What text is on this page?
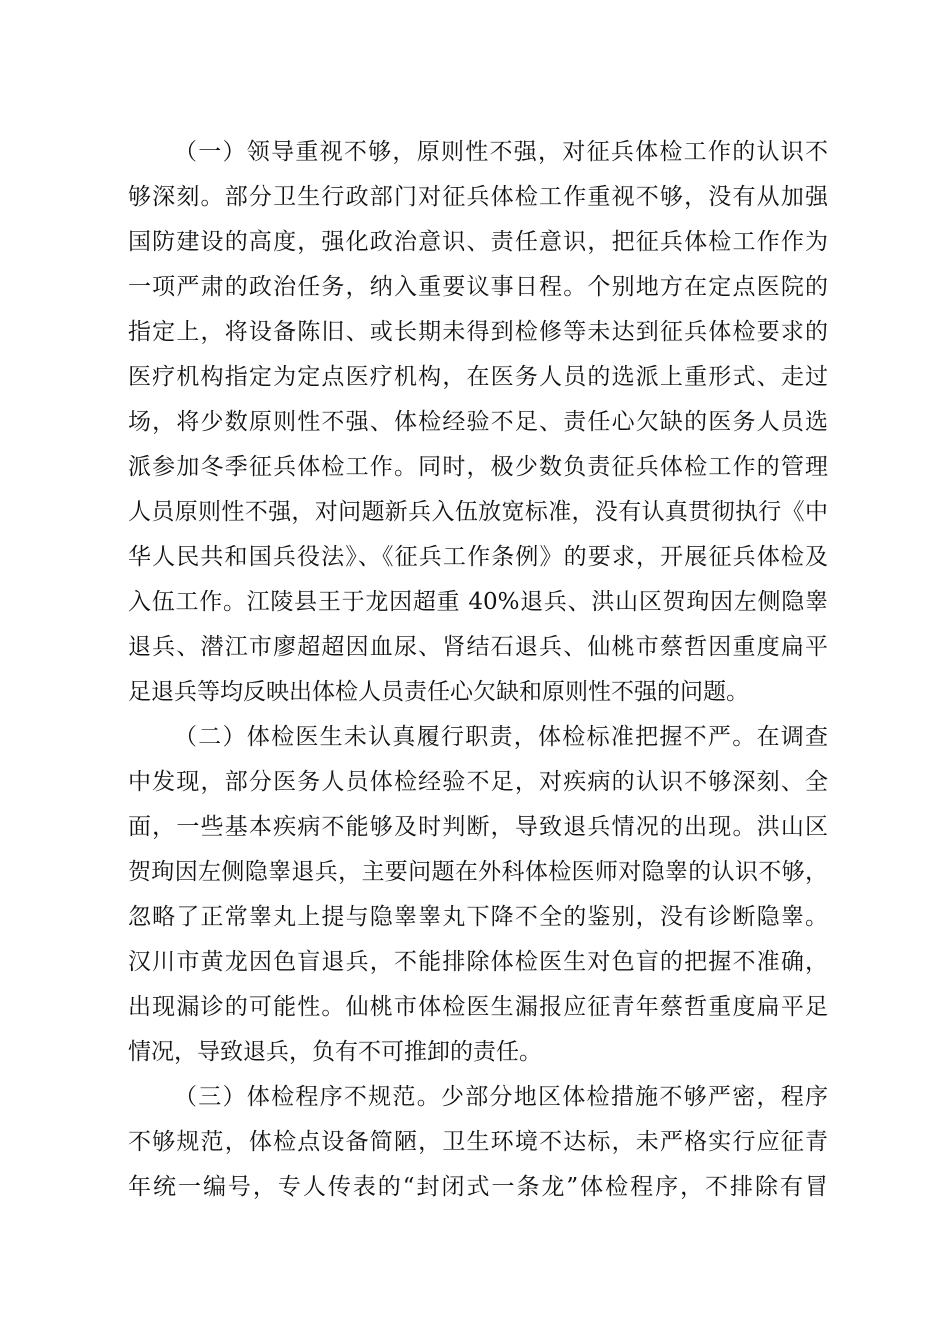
（一）领导重视不够，原则性不强，对征兵体检工作的认识不
够深刻。部分卫生行政部门对征兵体检工作重视不够，没有从加强
国防建设的高度，强化政治意识、责任意识，把征兵体检工作作为
一项严肃的政治任务，纳入重要议事日程。个别地方在定点医院的
指定上，将设备陈旧、或长期未得到检修等未达到征兵体检要求的
医疗机构指定为定点医疗机构，在医务人员的选派上重形式、走过
场，将少数原则性不强、体检经验不足、责任心欠缺的医务人员选
派参加冬季征兵体检工作。同时，极少数负责征兵体检工作的管理
人员原则性不强，对问题新兵入伍放宽标准，没有认真贯彻执行《中
华人民共和国兵役法》、《征兵工作条例》的要求，开展征兵体检及
入伍工作。江陵县王于龙因超重 40%退兵、洪山区贺珣因左侧隐睾
退兵、潜江市廖超超因血尿、肾结石退兵、仙桃市蔡哲因重度扁平
足退兵等均反映出体检人员责任心欠缺和原则性不强的问题。
（二）体检医生未认真履行职责，体检标准把握不严。在调查
中发现，部分医务人员体检经验不足，对疾病的认识不够深刻、全
面，一些基本疾病不能够及时判断，导致退兵情况的出现。洪山区
贺珣因左侧隐睾退兵，主要问题在外科体检医师对隐睾的认识不够，
忽略了正常睾丸上提与隐睾睾丸下降不全的鉴别，没有诊断隐睾。
汉川市黄龙因色盲退兵，不能排除体检医生对色盲的把握不准确，
出现漏诊的可能性。仙桃市体检医生漏报应征青年蔡哲重度扁平足
情况，导致退兵，负有不可推卸的责任。
（三）体检程序不规范。少部分地区体检措施不够严密，程序
不够规范，体检点设备简陋，卫生环境不达标，未严格实行应征青
年统一编号，专人传表的“封闭式一条龙”体检程序，不排除有冒
